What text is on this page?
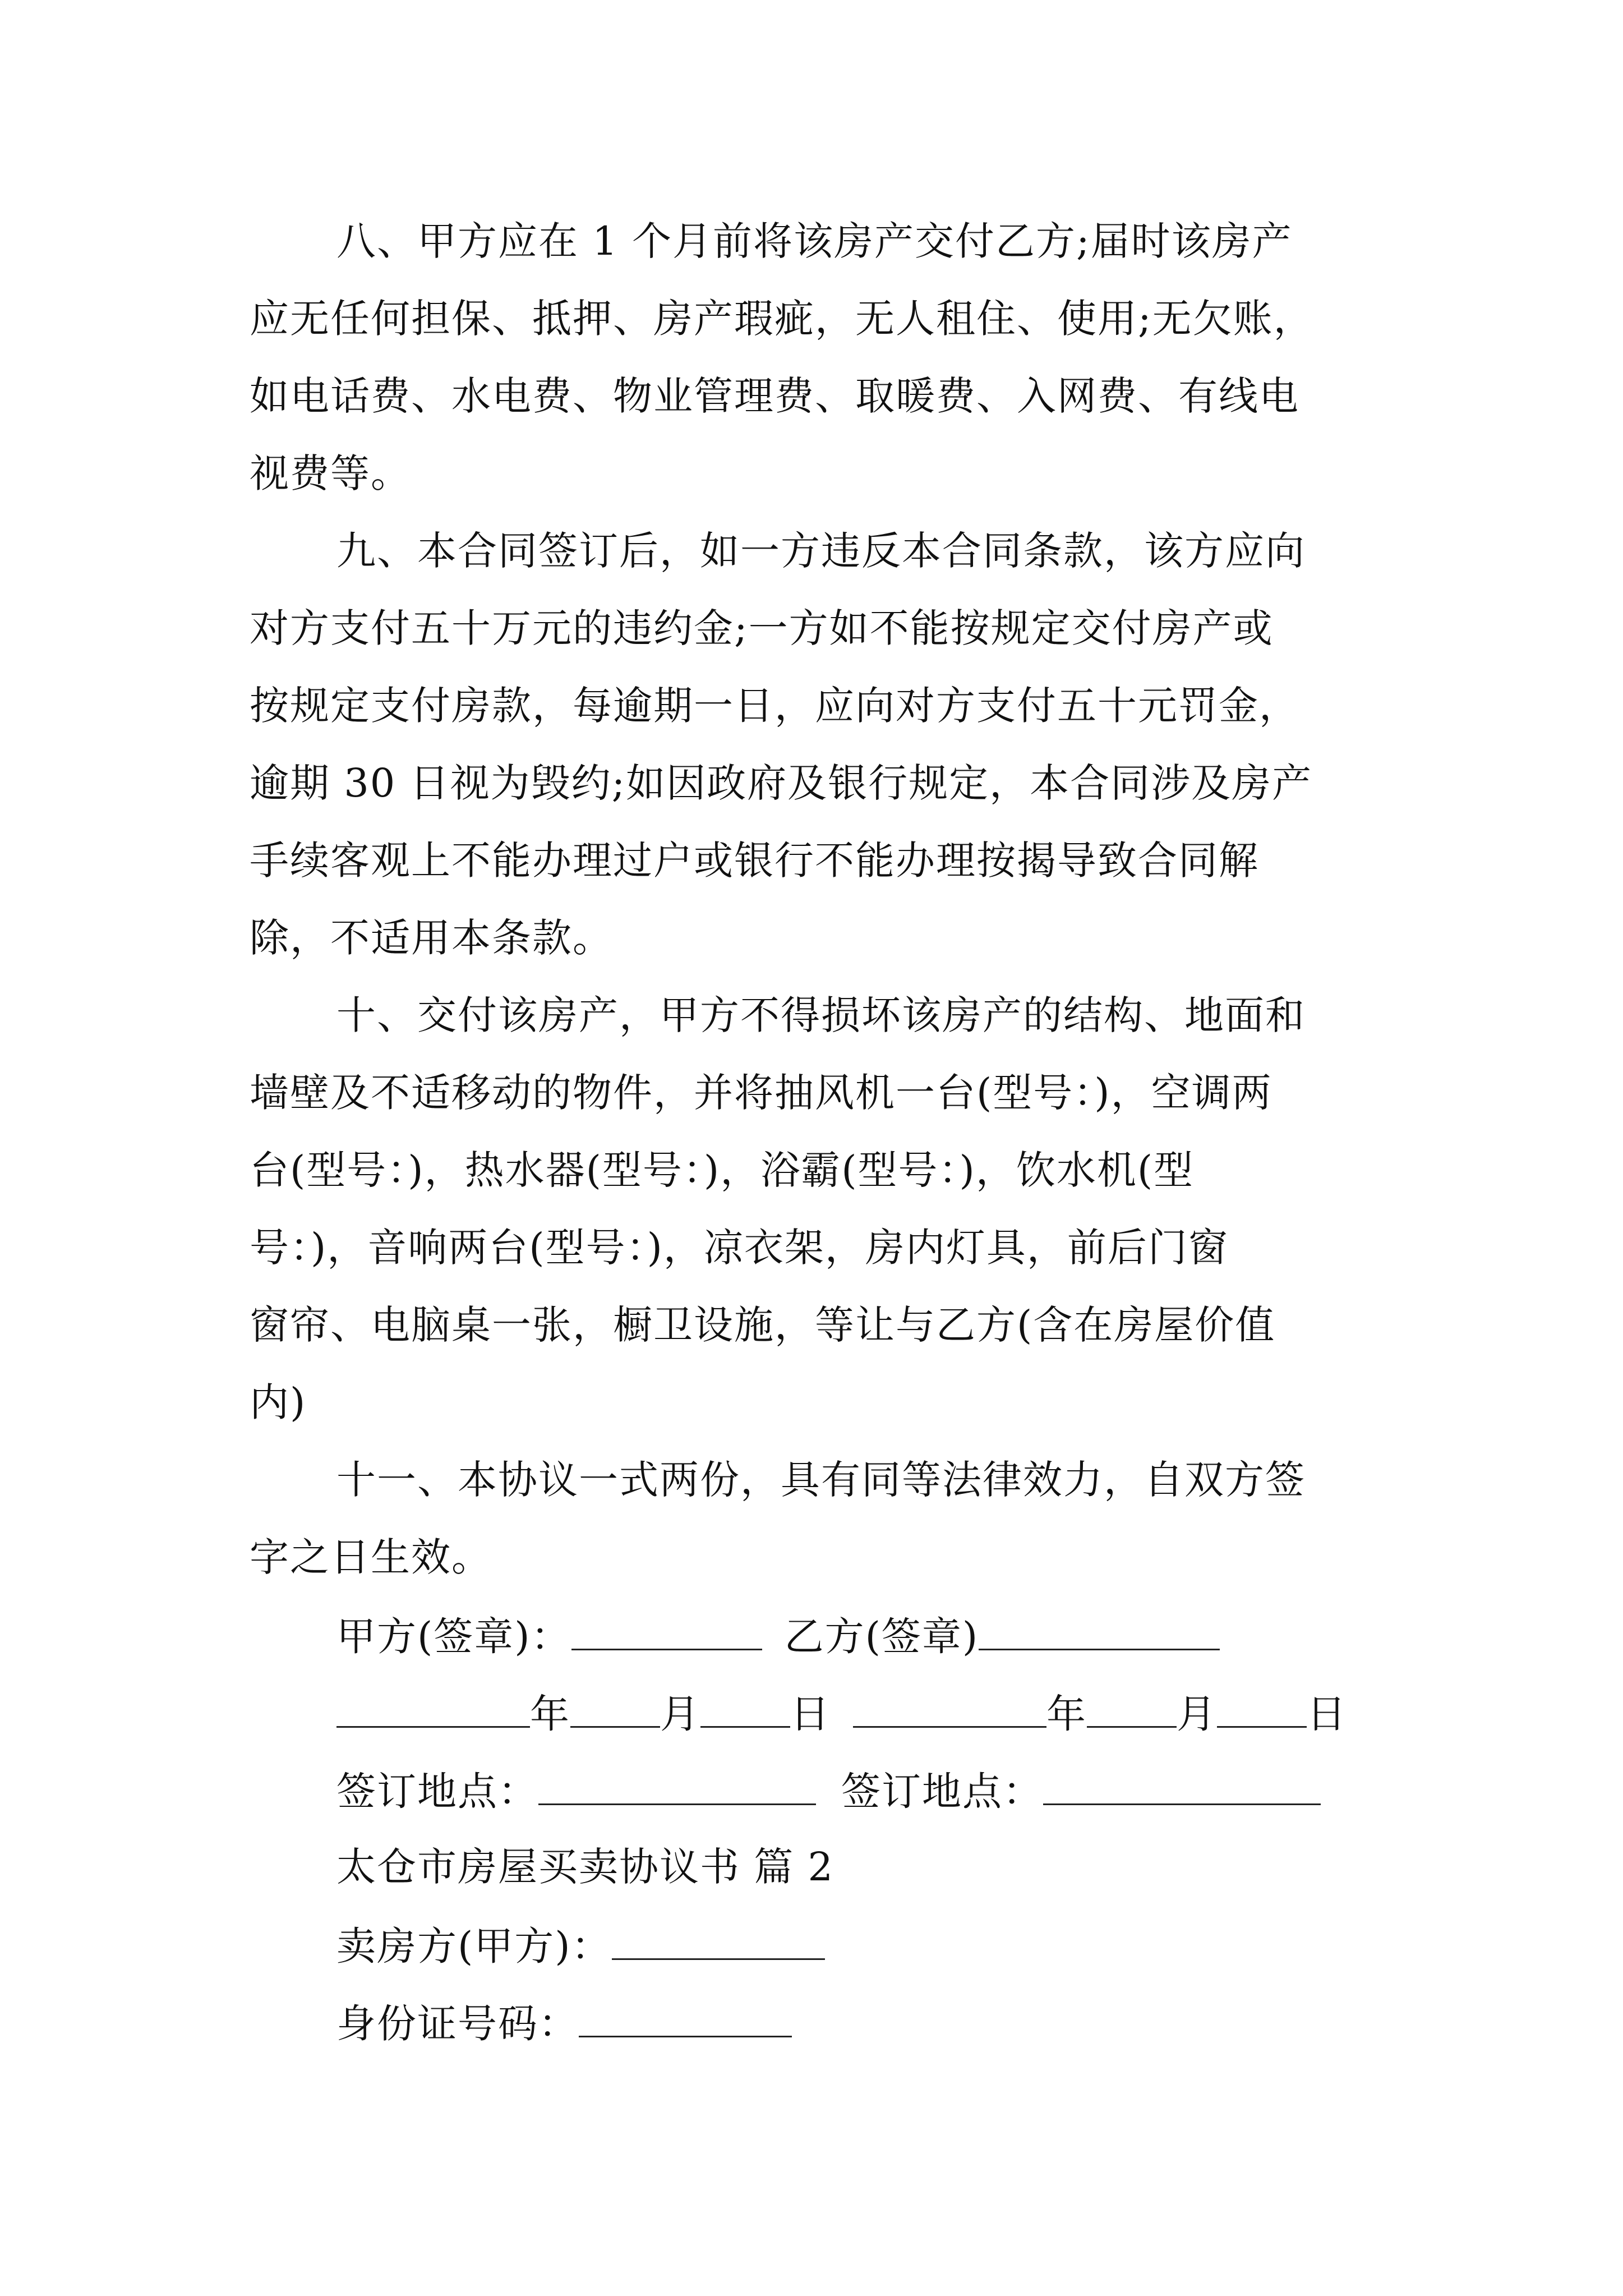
八、甲方应在 1 个月前将该房产交付乙方;届时该房产
应无任何担保、抵押、房产瑕疵，无人租住、使用;无欠账，
如电话费、水电费、物业管理费、取暖费、入网费、有线电
视费等。
九、本合同签订后，如一方违反本合同条款，该方应向
对方支付五十万元的违约金;一方如不能按规定交付房产或
按规定支付房款，每逾期一日，应向对方支付五十元罚金，
逾期 30 日视为毁约;如因政府及银行规定，本合同涉及房产
手续客观上不能办理过户或银行不能办理按揭导致合同解
除，不适用本条款。
十、交付该房产，甲方不得损坏该房产的结构、地面和
墙壁及不适移动的物件，并将抽风机一台(型号：)，空调两
台(型号：)，热水器(型号：)，浴霸(型号：)，饮水机(型
号：)，音响两台(型号：)，凉衣架，房内灯具，前后门窗
窗帘、电脑桌一张，橱卫设施，等让与乙方(含在房屋价值
内)
十一、本协议一式两份，具有同等法律效力，自双方签
字之日生效。
甲方(签章)：	乙方(签章)
年 月 日	年 月 日
签订地点：	签订地点：
太仓市房屋买卖协议书 篇 2
卖房方(甲方)：
身份证号码：
